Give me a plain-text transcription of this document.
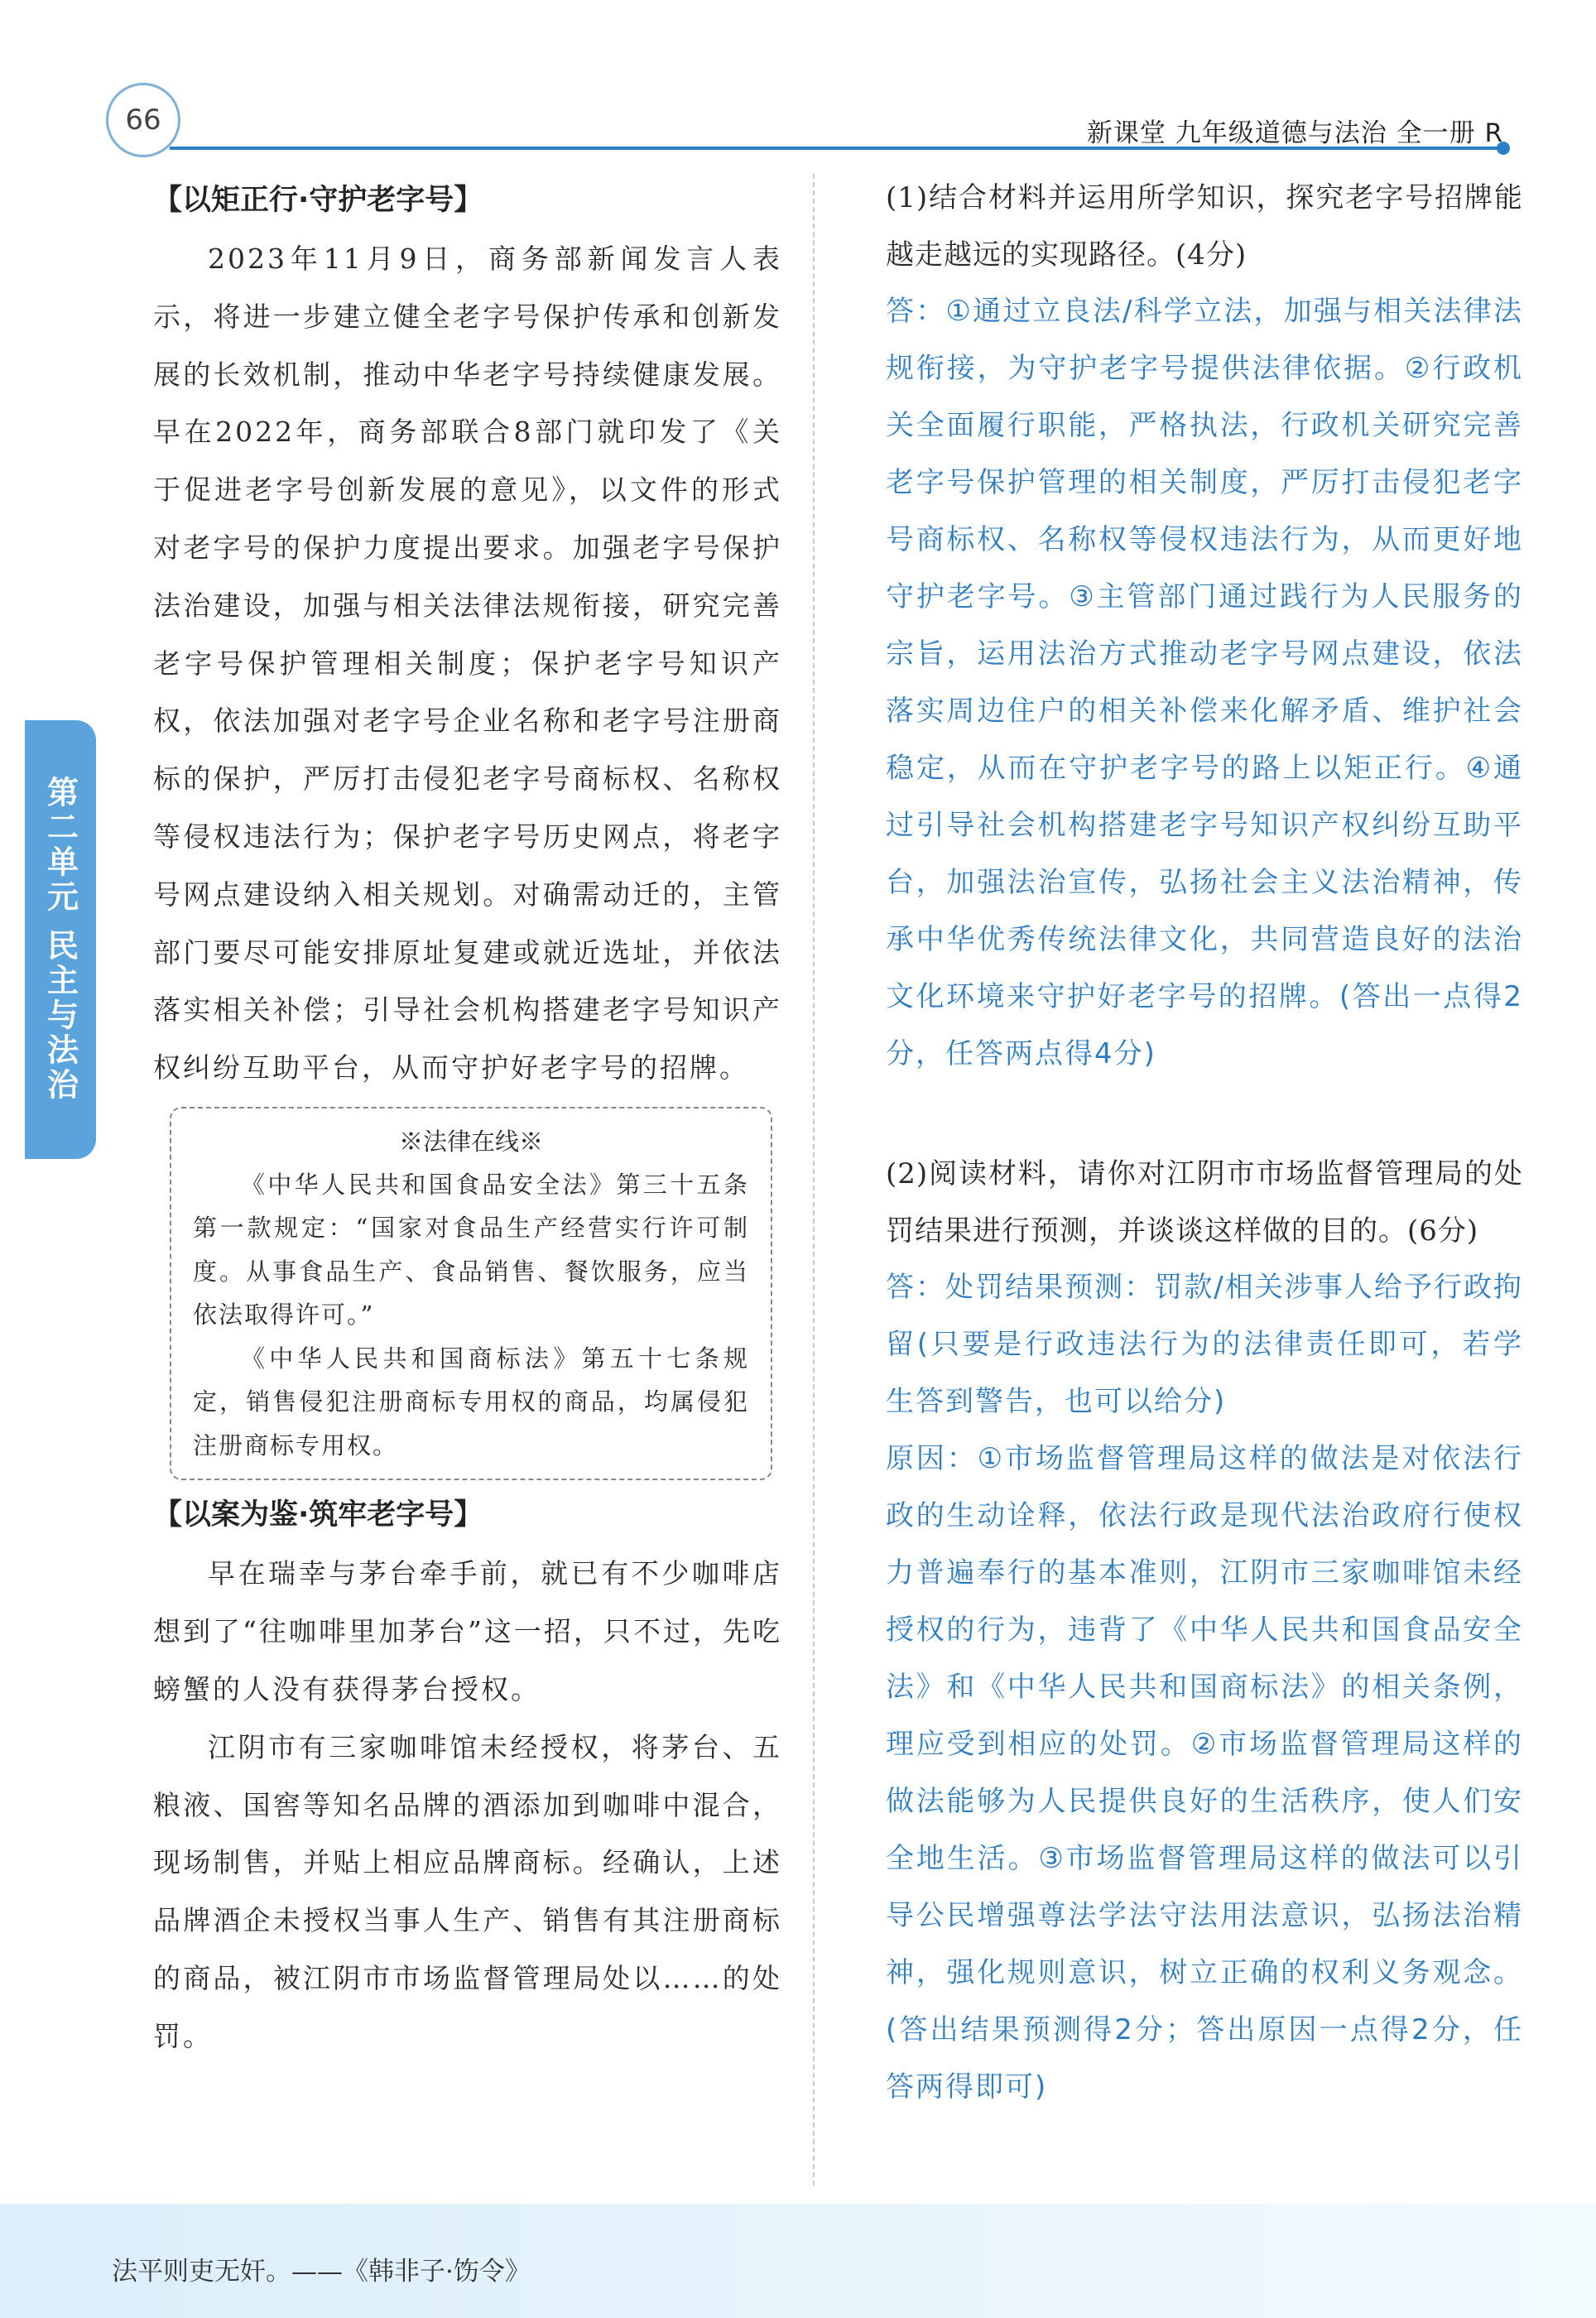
66	新课堂 九年级道德与法治 全一册 R
第二单元 民主与法治
【以矩正行·守护老字号】

2023年11月9日，商务部新闻发言人表示，将进一步建立健全老字号保护传承和创新发展的长效机制，推动中华老字号持续健康发展。早在2022年，商务部联合8部门就印发了《关于促进老字号创新发展的意见》，以文件的形式对老字号的保护力度提出要求。加强老字号保护法治建设，加强与相关法律法规衔接，研究完善老字号保护管理相关制度；保护老字号知识产权，依法加强对老字号企业名称和老字号注册商标的保护，严厉打击侵犯老字号商标权、名称权等侵权违法行为；保护老字号历史网点，将老字号网点建设纳入相关规划。对确需动迁的，主管部门要尽可能安排原址复建或就近选址，并依法落实相关补偿；引导社会机构搭建老字号知识产权纠纷互助平台，从而守护好老字号的招牌。

※法律在线※

《中华人民共和国食品安全法》第三十五条第一款规定：“国家对食品生产经营实行许可制度。从事食品生产、食品销售、餐饮服务，应当依法取得许可。”

《中华人民共和国商标法》第五十七条规定，销售侵犯注册商标专用权的商品，均属侵犯注册商标专用权。

【以案为鉴·筑牢老字号】

早在瑞幸与茅台牵手前，就已有不少咖啡店想到了“往咖啡里加茅台”这一招，只不过，先吃螃蟹的人没有获得茅台授权。

江阴市有三家咖啡馆未经授权，将茅台、五粮液、国窖等知名品牌的酒添加到咖啡中混合，现场制售，并贴上相应品牌商标。经确认，上述品牌酒企未授权当事人生产、销售有其注册商标的商品，被江阴市市场监督管理局处以……的处罚。

(1)结合材料并运用所学知识，探究老字号招牌能越走越远的实现路径。(4分)

答：①通过立良法/科学立法，加强与相关法律法规衔接，为守护老字号提供法律依据。②行政机关全面履行职能，严格执法，行政机关研究完善老字号保护管理的相关制度，严厉打击侵犯老字号商标权、名称权等侵权违法行为，从而更好地守护老字号。③主管部门通过践行为人民服务的宗旨，运用法治方式推动老字号网点建设，依法落实周边住户的相关补偿来化解矛盾、维护社会稳定，从而在守护老字号的路上以矩正行。④通过引导社会机构搭建老字号知识产权纠纷互助平台，加强法治宣传，弘扬社会主义法治精神，传承中华优秀传统法律文化，共同营造良好的法治文化环境来守护好老字号的招牌。(答出一点得2分，任答两点得4分)

(2)阅读材料，请你对江阴市市场监督管理局的处罚结果进行预测，并谈谈这样做的目的。(6分)

答：处罚结果预测：罚款/相关涉事人给予行政拘留(只要是行政违法行为的法律责任即可，若学生答到警告，也可以给分)

原因：①市场监督管理局这样的做法是对依法行政的生动诠释，依法行政是现代法治政府行使权力普遍奉行的基本准则，江阴市三家咖啡馆未经授权的行为，违背了《中华人民共和国食品安全法》和《中华人民共和国商标法》的相关条例，理应受到相应的处罚。②市场监督管理局这样的做法能够为人民提供良好的生活秩序，使人们安全地生活。③市场监督管理局这样的做法可以引导公民增强尊法学法守法用法意识，弘扬法治精神，强化规则意识，树立正确的权利义务观念。(答出结果预测得2分；答出原因一点得2分，任答两得即可)

法平则吏无奸。——《韩非子·饬令》
